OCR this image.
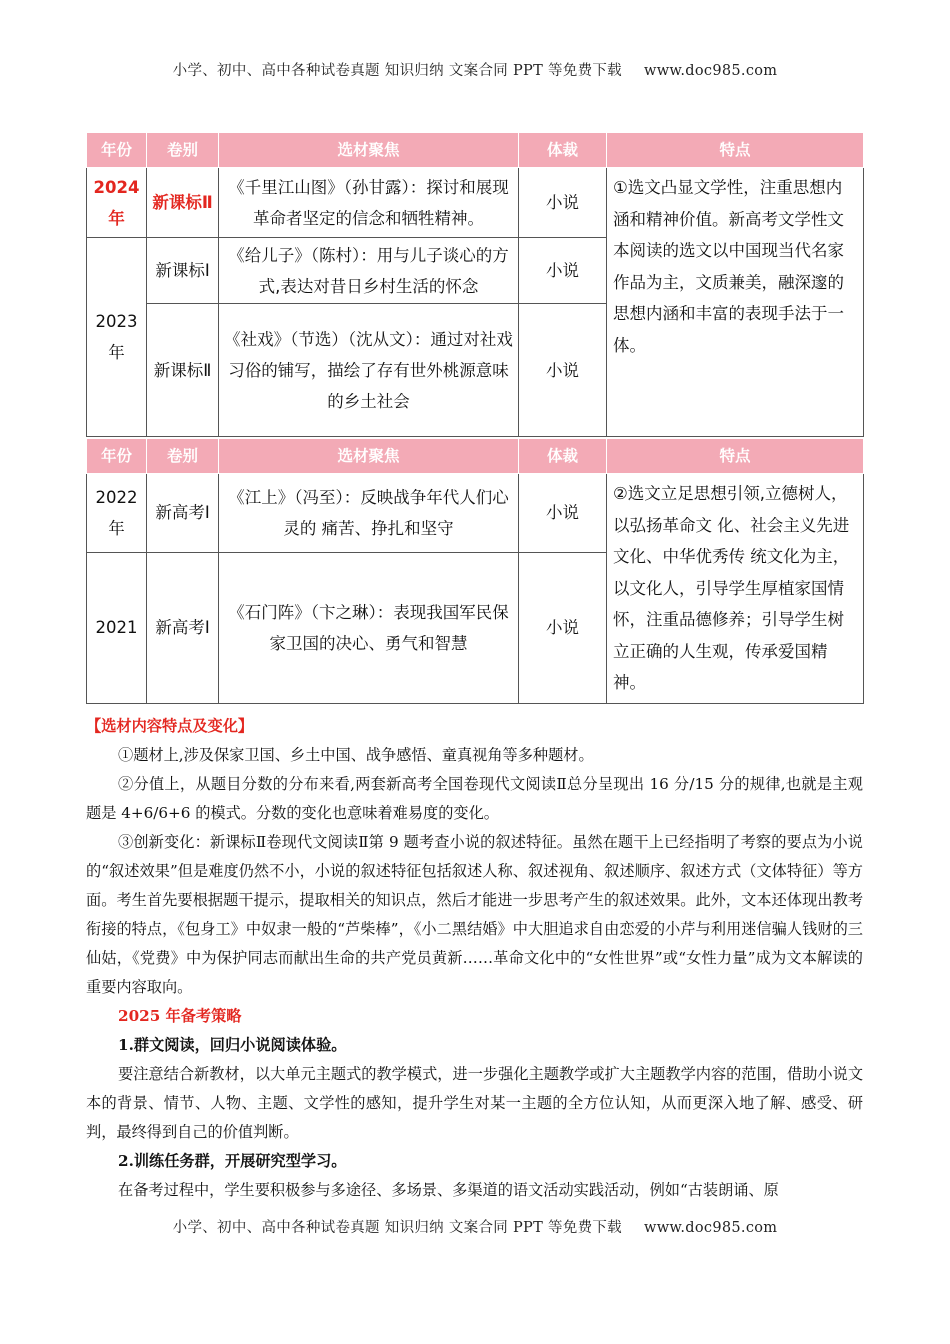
小学、初中、高中各种试卷真题 知识归纳 文案合同 PPT 等免费下载 www.doc985.com
年份	卷别	选材聚焦	体裁	特点
2024年	新课标Ⅱ	《千里江山图》（孙甘露）：探讨和展现革命者坚定的信念和牺牲精神。	小说	①选文凸显文学性，注重思想内涵和精神价值。新高考文学性文本阅读的选文以中国现当代名家作品为主，文质兼美，融深邃的思想内涵和丰富的表现手法于一体。
2023年	新课标Ⅰ	《给儿子》（陈村）：用与儿子谈心的方式,表达对昔日乡村生活的怀念	小说	
	新课标Ⅱ	《社戏》（节选）（沈从文）：通过对社戏习俗的铺写，描绘了存有世外桃源意味的乡土社会	小说	
年份	卷别	选材聚焦	体裁	特点
2022年	新高考Ⅰ	《江上》（冯至）：反映战争年代人们心灵的 痛苦、挣扎和坚守	小说	②选文立足思想引领,立德树人，以弘扬革命文 化、社会主义先进文化、中华优秀传 统文化为主，以文化人，引导学生厚植家国情怀，注重品德修养；引导学生树立正确的人生观，传承爱国精神。
2021	新高考Ⅰ	《石门阵》（卞之琳）：表现我国军民保家卫国的决心、勇气和智慧	小说	

【选材内容特点及变化】

①题材上,涉及保家卫国、乡土中国、战争感悟、童真视角等多种题材。

②分值上，从题目分数的分布来看,两套新高考全国卷现代文阅读Ⅱ总分呈现出 16 分/15 分的规律,也就是主观题是 4+6/6+6 的模式。分数的变化也意味着难易度的变化。

③创新变化：新课标Ⅱ卷现代文阅读Ⅱ第 9 题考查小说的叙述特征。虽然在题干上已经指明了考察的要点为小说的“叙述效果”但是难度仍然不小，小说的叙述特征包括叙述人称、叙述视角、叙述顺序、叙述方式（文体特征）等方面。考生首先要根据题干提示，提取相关的知识点，然后才能进一步思考产生的叙述效果。此外，文本还体现出教考衔接的特点，《包身工》中奴隶一般的“芦柴棒”，《小二黑结婚》中大胆追求自由恋爱的小芹与利用迷信骗人钱财的三仙姑，《党费》中为保护同志而献出生命的共产党员黄新……革命文化中的“女性世界”或“女性力量”成为文本解读的重要内容取向。

2025 年备考策略

1.群文阅读，回归小说阅读体验。

要注意结合新教材，以大单元主题式的教学模式，进一步强化主题教学或扩大主题教学内容的范围，借助小说文本的背景、情节、人物、主题、文学性的感知，提升学生对某一主题的全方位认知，从而更深入地了解、感受、研判，最终得到自己的价值判断。

2.训练任务群，开展研究型学习。

在备考过程中，学生要积极参与多途径、多场景、多渠道的语文活动实践活动，例如“古装朗诵、原

小学、初中、高中各种试卷真题 知识归纳 文案合同 PPT 等免费下载 www.doc985.com
